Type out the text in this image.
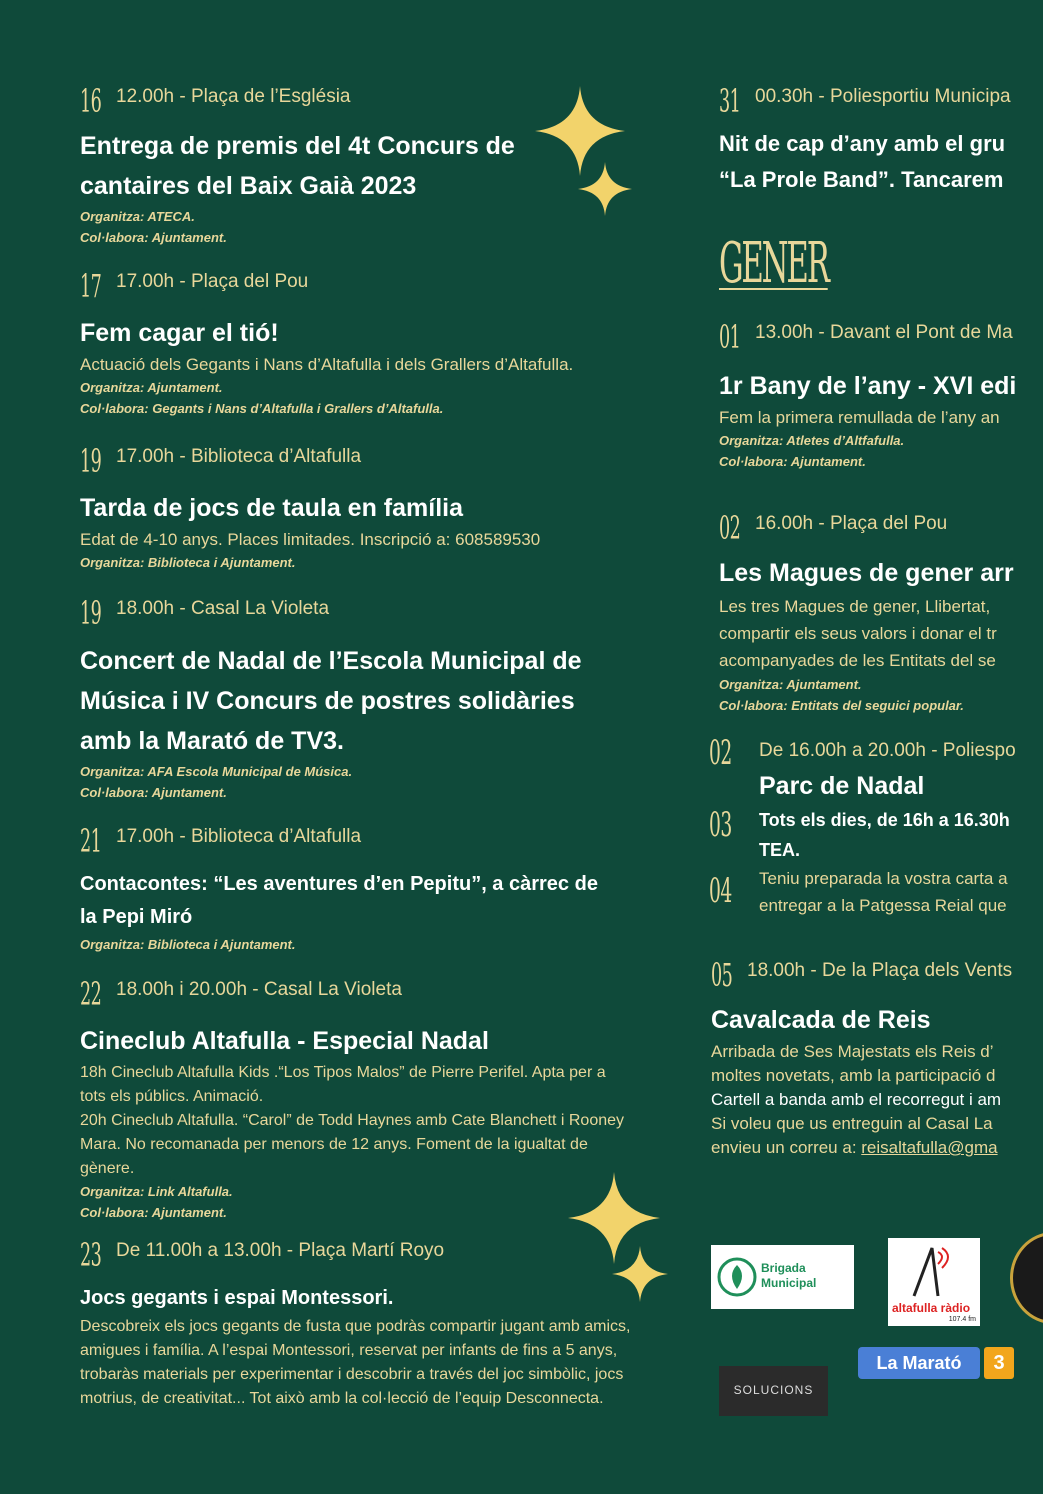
16 12.00h - Plaça de l’Església
Entrega de premis del 4t Concurs de
cantaires del Baix Gaià 2023
Organitza: ATECA.
Col·labora: Ajuntament.
17 17.00h - Plaça del Pou
Fem cagar el tió!
Actuació dels Gegants i Nans d’Altafulla i dels Grallers d’Altafulla.
Organitza: Ajuntament.
Col·labora: Gegants i Nans d’Altafulla i Grallers d’Altafulla.
19 17.00h - Biblioteca d’Altafulla
Tarda de jocs de taula en família
Edat de 4-10 anys. Places limitades. Inscripció a: 608589530
Organitza: Biblioteca i Ajuntament.
19 18.00h - Casal La Violeta
Concert de Nadal de l’Escola Municipal de
Música i IV Concurs de postres solidàries
amb la Marató de TV3.
Organitza: AFA Escola Municipal de Música.
Col·labora: Ajuntament.
21 17.00h - Biblioteca d’Altafulla
Contacontes: “Les aventures d’en Pepitu”, a càrrec de
la Pepi Miró
Organitza: Biblioteca i Ajuntament.
22 18.00h i 20.00h - Casal La Violeta
Cineclub Altafulla - Especial Nadal
18h Cineclub Altafulla Kids .“Los Tipos Malos” de Pierre Perifel. Apta per a
tots els públics. Animació.
20h Cineclub Altafulla. “Carol” de Todd Haynes amb Cate Blanchett i Rooney
Mara. No recomanada per menors de 12 anys. Foment de la igualtat de
gènere.
Organitza: Link Altafulla.
Col·labora: Ajuntament.
23 De 11.00h a 13.00h - Plaça Martí Royo
Jocs gegants i espai Montessori.
Descobreix els jocs gegants de fusta que podràs compartir jugant amb amics,
amigues i família. A l’espai Montessori, reservat per infants de fins a 5 anys,
trobaràs materials per experimentar i descobrir a través del joc simbòlic, jocs
motrius, de creativitat... Tot això amb la col·lecció de l’equip Desconnecta.
31 00.30h - Poliesportiu Municipa
Nit de cap d’any amb el gru
“La Prole Band”. Tancarem
GENER
01 13.00h - Davant el Pont de Ma
1r Bany de l’any - XVI edi
Fem la primera remullada de l’any an
Organitza: Atletes d’Altfafulla.
Col·labora: Ajuntament.
02 16.00h - Plaça del Pou
Les Magues de gener arr
Les tres Magues de gener, Llibertat,
compartir els seus valors i donar el tr
acompanyades de les Entitats del se
Organitza: Ajuntament.
Col·labora: Entitats del seguici popular.
02
03
04
De 16.00h a 20.00h - Poliespo
Parc de Nadal
Tots els dies, de 16h a 16.30h
TEA.
Teniu preparada la vostra carta a
entregar a la Patgessa Reial que
05 18.00h - De la Plaça dels Vents
Cavalcada de Reis
Arribada de Ses Majestats els Reis d’
moltes novetats, amb la participació d
Cartell a banda amb el recorregut i am
Si voleu que us entreguin al Casal La
envieu un correu a: reisaltafulla@gma
Brigada Municipal
altafulla ràdio
107.4 fm
SOLUCIONS
La Marató	3
